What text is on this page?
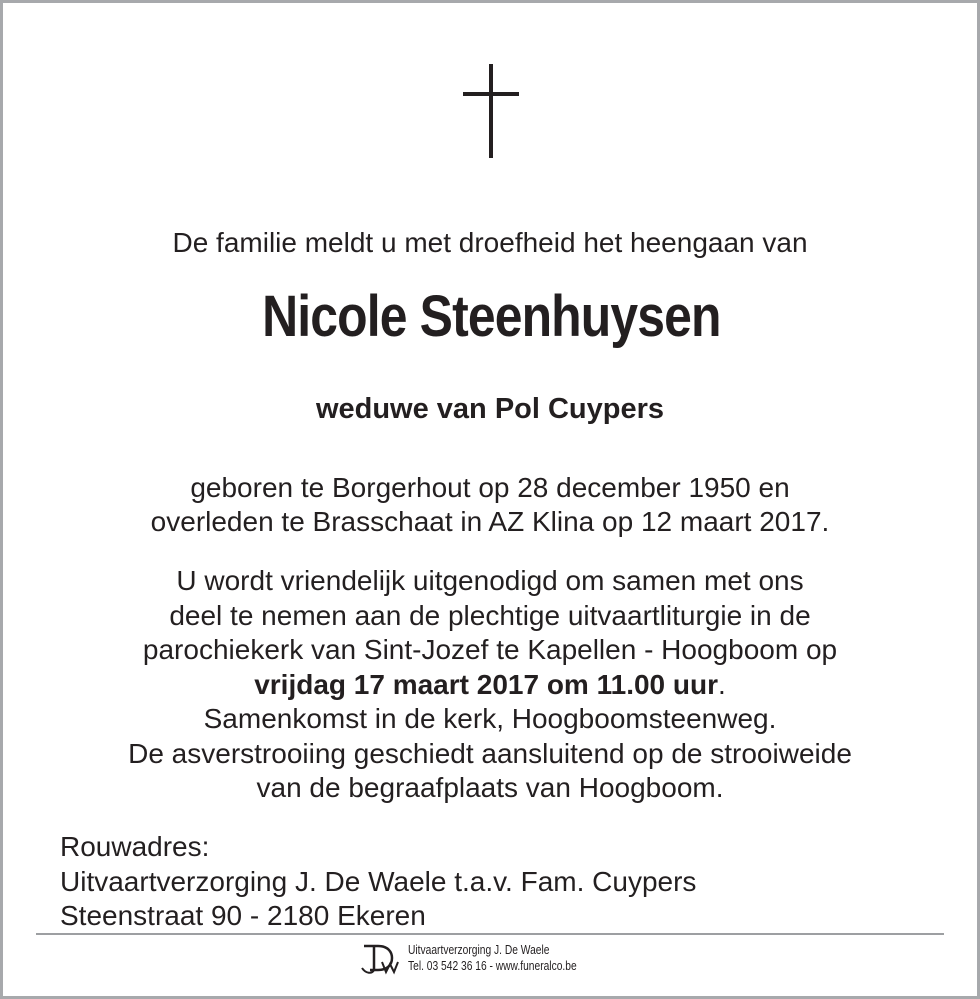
De familie meldt u met droefheid het heengaan van
Nicole Steenhuysen
weduwe van Pol Cuypers
geboren te Borgerhout op 28 december 1950 en
overleden te Brasschaat in AZ Klina op 12 maart 2017.
U wordt vriendelijk uitgenodigd om samen met ons
deel te nemen aan de plechtige uitvaartliturgie in de
parochiekerk van Sint-Jozef te Kapellen - Hoogboom op
vrijdag 17 maart 2017 om 11.00 uur.
Samenkomst in de kerk, Hoogboomsteenweg.
De asverstrooiing geschiedt aansluitend op de strooiweide
van de begraafplaats van Hoogboom.
Rouwadres:
Uitvaartverzorging J. De Waele t.a.v. Fam. Cuypers
Steenstraat 90 - 2180 Ekeren
Uitvaartverzorging J. De Waele
Tel. 03 542 36 16 - www.funeralco.be
